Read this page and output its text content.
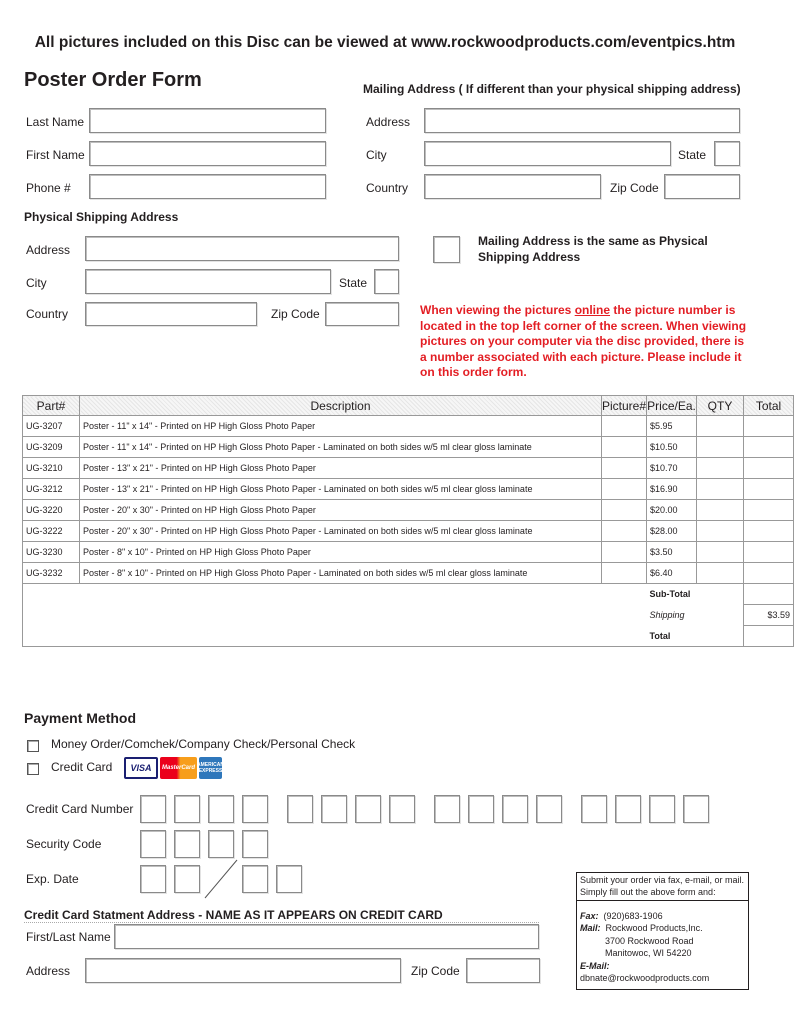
All pictures included on this Disc can be viewed at www.rockwoodproducts.com/eventpics.htm
Poster Order Form	Mailing Address ( If different than your physical shipping address)
Last Name
First Name
Phone #
Address
City	State
Country	Zip Code
Physical Shipping Address
Address
City	State
Country	Zip Code
Mailing Address is the same as Physical Shipping Address
When viewing the pictures online the picture number is located in the top left corner of the screen. When viewing pictures on your computer via the disc provided, there is a number associated with each picture. Please include it on this order form.
Part#	Description	Picture#	Price/Ea.	QTY	Total
UG-3207	Poster - 11" x 14" - Printed on HP High Gloss Photo Paper		$5.95		
UG-3209	Poster - 11" x 14" - Printed on HP High Gloss Photo Paper - Laminated on both sides w/5 ml clear gloss laminate		$10.50		
UG-3210	Poster - 13" x 21" - Printed on HP High Gloss Photo Paper		$10.70		
UG-3212	Poster - 13" x 21" - Printed on HP High Gloss Photo Paper - Laminated on both sides w/5 ml clear gloss laminate		$16.90		
UG-3220	Poster - 20" x 30" - Printed on HP High Gloss Photo Paper		$20.00		
UG-3222	Poster - 20" x 30" - Printed on HP High Gloss Photo Paper - Laminated on both sides w/5 ml clear gloss laminate		$28.00		
UG-3230	Poster - 8" x 10" - Printed on HP High Gloss Photo Paper		$3.50		
UG-3232	Poster - 8" x 10" - Printed on HP High Gloss Photo Paper - Laminated on both sides w/5 ml clear gloss laminate		$6.40		
			Sub-Total		
			Shipping		$3.59
			Total		
Payment Method
Money Order/Comchek/Company Check/Personal Check
Credit Card VISA MasterCard AMERICAN EXPRESS
Credit Card Number
Security Code
Exp. Date
Credit Card Statment Address - NAME AS IT APPEARS ON CREDIT CARD
First/Last Name
Address	Zip Code
Submit your order via fax, e-mail, or mail. Simply fill out the above form and:
Fax: (920)683-1906
Mail: Rockwood Products,Inc.
3700 Rockwood Road
Manitowoc, WI 54220
E-Mail:
dbnate@rockwoodproducts.com
